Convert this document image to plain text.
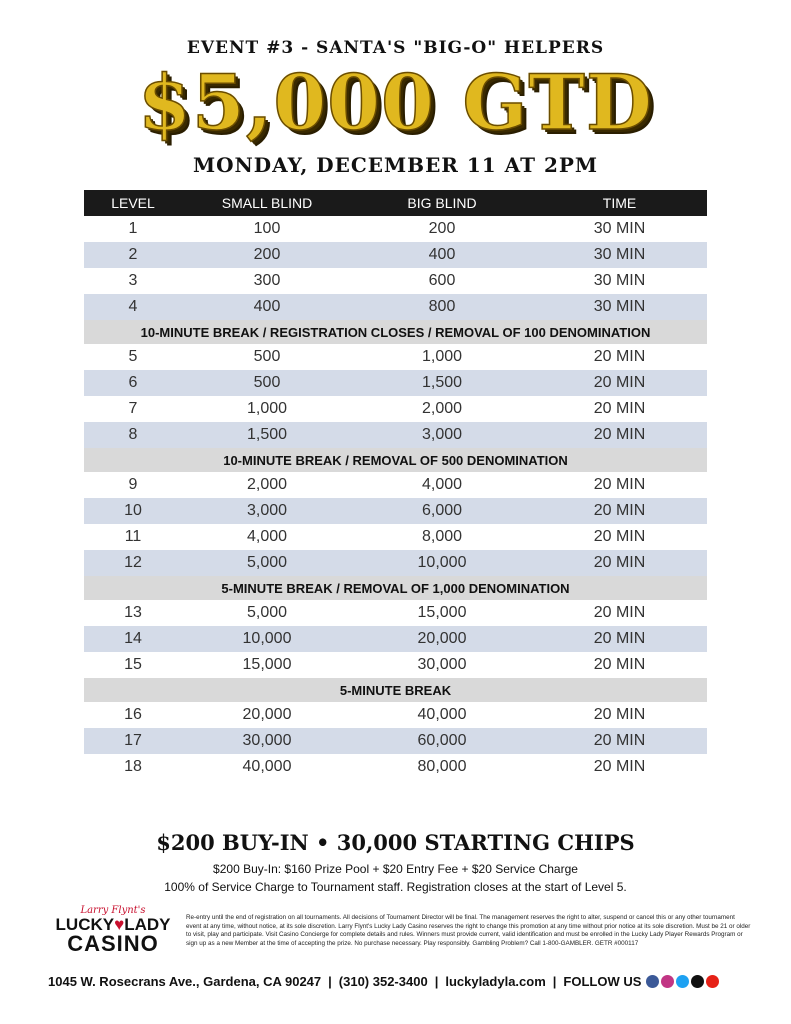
EVENT #3 - SANTA'S "BIG-O" HELPERS
$5,000 GTD
MONDAY, DECEMBER 11 AT 2PM
LEVEL	SMALL BLIND	BIG BLIND	TIME
1	100	200	30 MIN
2	200	400	30 MIN
3	300	600	30 MIN
4	400	800	30 MIN
10-MINUTE BREAK / REGISTRATION CLOSES / REMOVAL OF 100 DENOMINATION
5	500	1,000	20 MIN
6	500	1,500	20 MIN
7	1,000	2,000	20 MIN
8	1,500	3,000	20 MIN
10-MINUTE BREAK / REMOVAL OF 500 DENOMINATION
9	2,000	4,000	20 MIN
10	3,000	6,000	20 MIN
11	4,000	8,000	20 MIN
12	5,000	10,000	20 MIN
5-MINUTE BREAK / REMOVAL OF 1,000 DENOMINATION
13	5,000	15,000	20 MIN
14	10,000	20,000	20 MIN
15	15,000	30,000	20 MIN
5-MINUTE BREAK
16	20,000	40,000	20 MIN
17	30,000	60,000	20 MIN
18	40,000	80,000	20 MIN
$200 BUY-IN • 30,000 STARTING CHIPS
$200 Buy-In: $160 Prize Pool + $20 Entry Fee + $20 Service Charge
100% of Service Charge to Tournament staff. Registration closes at the start of Level 5.
Larry Flynt's
LUCKY♥LADY
CASINO
Re-entry until the end of registration on all tournaments. All decisions of Tournament Director will be final. The management reserves the right to alter, suspend or cancel this or any other tournament event at any time, without notice, at its sole discretion. Larry Flynt's Lucky Lady Casino reserves the right to change this promotion at any time without prior notice at its sole discretion. Must be 21 or older to visit, play and participate. Visit Casino Concierge for complete details and rules. Winners must provide current, valid identification and must be enrolled in the Lucky Lady Player Rewards Program or sign up as a new Member at the time of accepting the prize. No purchase necessary. Play responsibly. Gambling Problem? Call 1-800-GAMBLER. GETR #000117
1045 W. Rosecrans Ave., Gardena, CA 90247 | (310) 352-3400 | luckyladyla.com | FOLLOW US
